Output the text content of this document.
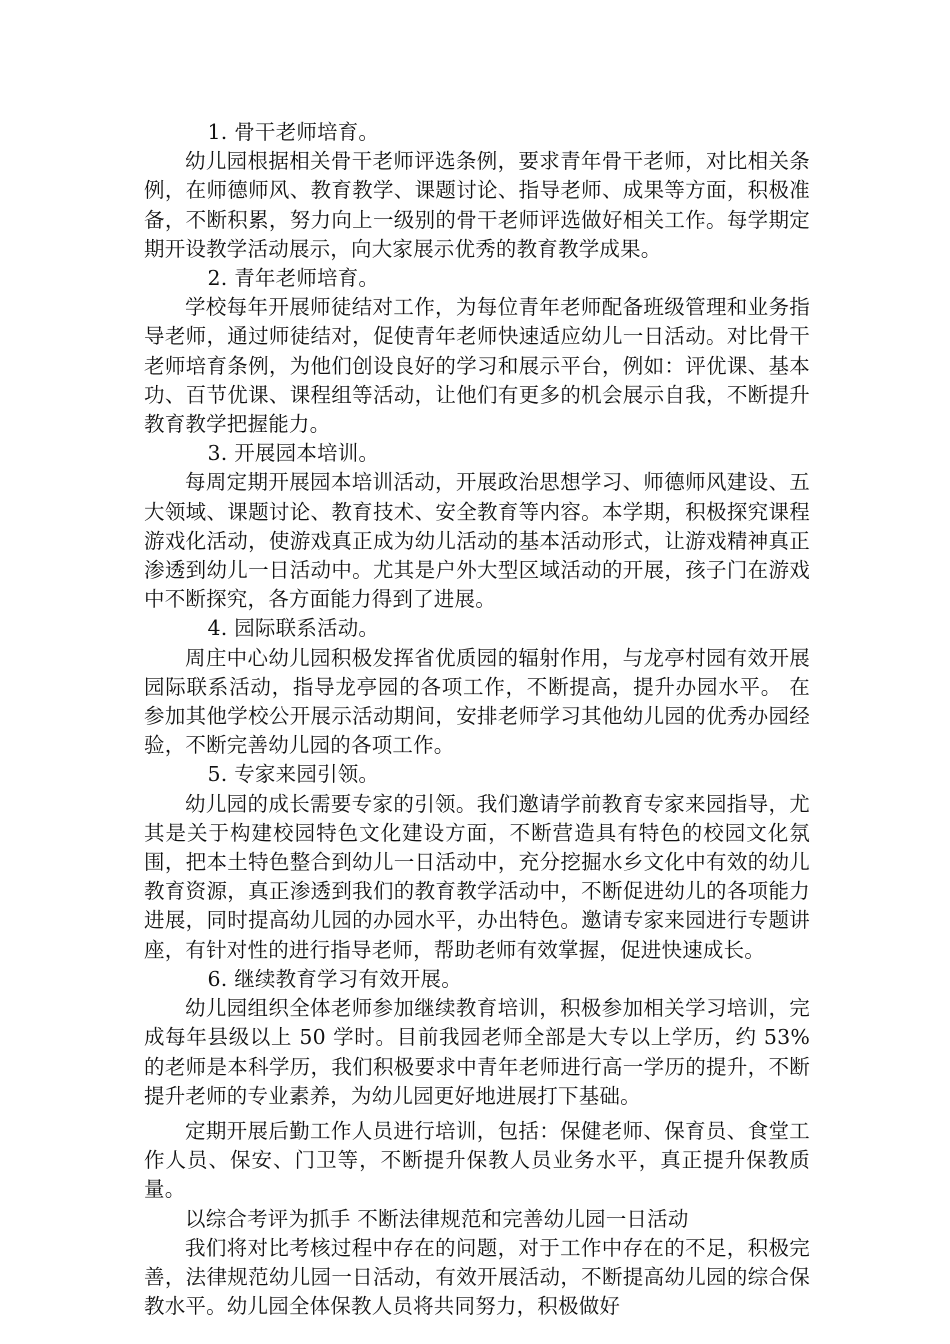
1. 骨干老师培育。

幼儿园根据相关骨干老师评选条例，要求青年骨干老师，对比相关条例，在师德师风、教育教学、课题讨论、指导老师、成果等方面，积极准备，不断积累，努力向上一级别的骨干老师评选做好相关工作。每学期定期开设教学活动展示，向大家展示优秀的教育教学成果。

2. 青年老师培育。

学校每年开展师徒结对工作，为每位青年老师配备班级管理和业务指导老师，通过师徒结对，促使青年老师快速适应幼儿一日活动。对比骨干老师培育条例，为他们创设良好的学习和展示平台，例如：评优课、基本功、百节优课、课程组等活动，让他们有更多的机会展示自我，不断提升教育教学把握能力。

3. 开展园本培训。

每周定期开展园本培训活动，开展政治思想学习、师德师风建设、五大领域、课题讨论、教育技术、安全教育等内容。本学期，积极探究课程游戏化活动，使游戏真正成为幼儿活动的基本活动形式，让游戏精神真正渗透到幼儿一日活动中。尤其是户外大型区域活动的开展，孩子门在游戏中不断探究，各方面能力得到了进展。

4. 园际联系活动。

周庄中心幼儿园积极发挥省优质园的辐射作用，与龙亭村园有效开展园际联系活动，指导龙亭园的各项工作，不断提高，提升办园水平。 在参加其他学校公开展示活动期间，安排老师学习其他幼儿园的优秀办园经验，不断完善幼儿园的各项工作。

5. 专家来园引领。

幼儿园的成长需要专家的引领。我们邀请学前教育专家来园指导，尤其是关于构建校园特色文化建设方面，不断营造具有特色的校园文化氛围，把本土特色整合到幼儿一日活动中，充分挖掘水乡文化中有效的幼儿教育资源，真正渗透到我们的教育教学活动中，不断促进幼儿的各项能力进展，同时提高幼儿园的办园水平，办出特色。邀请专家来园进行专题讲座，有针对性的进行指导老师，帮助老师有效掌握，促进快速成长。

6. 继续教育学习有效开展。

幼儿园组织全体老师参加继续教育培训，积极参加相关学习培训，完成每年县级以上 50 学时。目前我园老师全部是大专以上学历，约 53%的老师是本科学历，我们积极要求中青年老师进行高一学历的提升，不断提升老师的专业素养，为幼儿园更好地进展打下基础。

定期开展后勤工作人员进行培训，包括：保健老师、保育员、食堂工作人员、保安、门卫等，不断提升保教人员业务水平，真正提升保教质量。

以综合考评为抓手 不断法律规范和完善幼儿园一日活动

我们将对比考核过程中存在的问题，对于工作中存在的不足，积极完善，法律规范幼儿园一日活动，有效开展活动，不断提高幼儿园的综合保教水平。幼儿园全体保教人员将共同努力，积极做好
